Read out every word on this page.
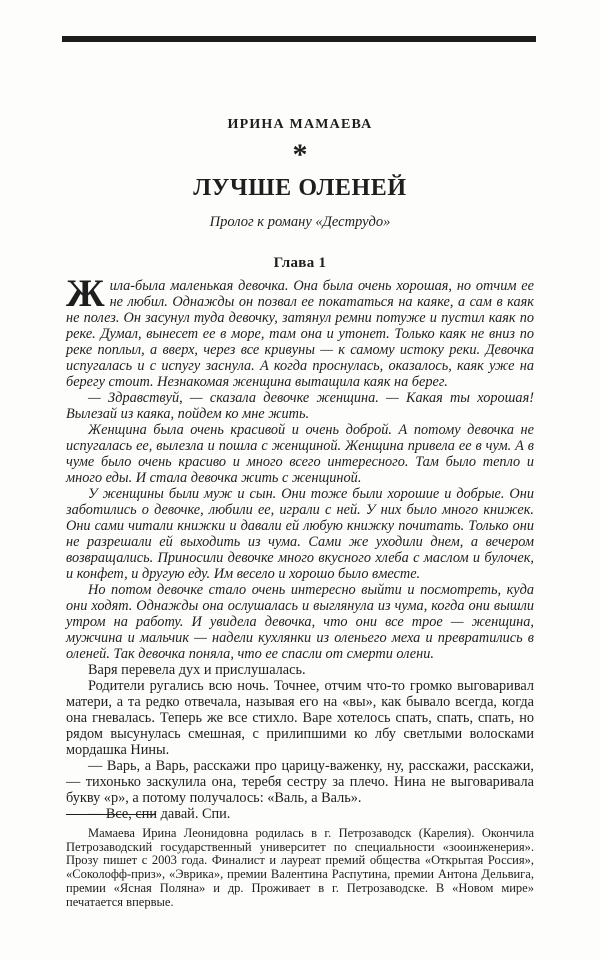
ИРИНА МАМАЕВА
*
ЛУЧШЕ ОЛЕНЕЙ
Пролог к роману «Деструдо»
Глава 1

Жила-была маленькая девочка. Она была очень хорошая, но отчим ее не любил. Однажды он позвал ее покататься на каяке, а сам в каяк не полез. Он засунул туда девочку, затянул ремни потуже и пустил каяк по реке. Думал, вынесет ее в море, там она и утонет. Только каяк не вниз по реке поплыл, а вверх, через все кривуны — к самому истоку реки. Девочка испугалась и с испугу заснула. А когда проснулась, оказалось, каяк уже на берегу стоит. Незнакомая женщина вытащила каяк на берег.

— Здравствуй, — сказала девочке женщина. — Какая ты хорошая! Вылезай из каяка, пойдем ко мне жить.

Женщина была очень красивой и очень доброй. А потому девочка не испугалась ее, вылезла и пошла с женщиной. Женщина привела ее в чум. А в чуме было очень красиво и много всего интересного. Там было тепло и много еды. И стала девочка жить с женщиной.

У женщины были муж и сын. Они тоже были хорошие и добрые. Они заботились о девочке, любили ее, играли с ней. У них было много книжек. Они сами читали книжки и давали ей любую книжку почитать. Только они не разрешали ей выходить из чума. Сами же уходили днем, а вечером возвращались. Приносили девочке много вкусного хлеба с маслом и булочек, и конфет, и другую еду. Им весело и хорошо было вместе.

Но потом девочке стало очень интересно выйти и посмотреть, куда они ходят. Однажды она ослушалась и выглянула из чума, когда они вышли утром на работу. И увидела девочка, что они все трое — женщина, мужчина и мальчик — надели кухлянки из оленьего меха и превратились в оленей. Так девочка поняла, что ее спасли от смерти олени.

Варя перевела дух и прислушалась.

Родители ругались всю ночь. Точнее, отчим что-то громко выговаривал матери, а та редко отвечала, называя его на «вы», как бывало всегда, когда она гневалась. Теперь же все стихло. Варе хотелось спать, спать, спать, но рядом высунулась смешная, с прилипшими ко лбу светлыми волосками мордашка Нины.

— Варь, а Варь, расскажи про царицу-важенку, ну, расскажи, расскажи, — тихонько заскулила она, теребя сестру за плечо. Нина не выговаривала букву «р», а потому получалось: «Валь, а Валь».

— Все, спи давай. Спи.

Мамаева Ирина Леонидовна родилась в г. Петрозаводск (Карелия). Окончила Петрозаводский государственный университет по специальности «зооинженерия». Прозу пишет с 2003 года. Финалист и лауреат премий общества «Открытая Россия», «Соколофф-приз», «Эврика», премии Валентина Распутина, премии Антона Дельвига, премии «Ясная Поляна» и др. Проживает в г. Петрозаводске. В «Новом мире» печатается впервые.
